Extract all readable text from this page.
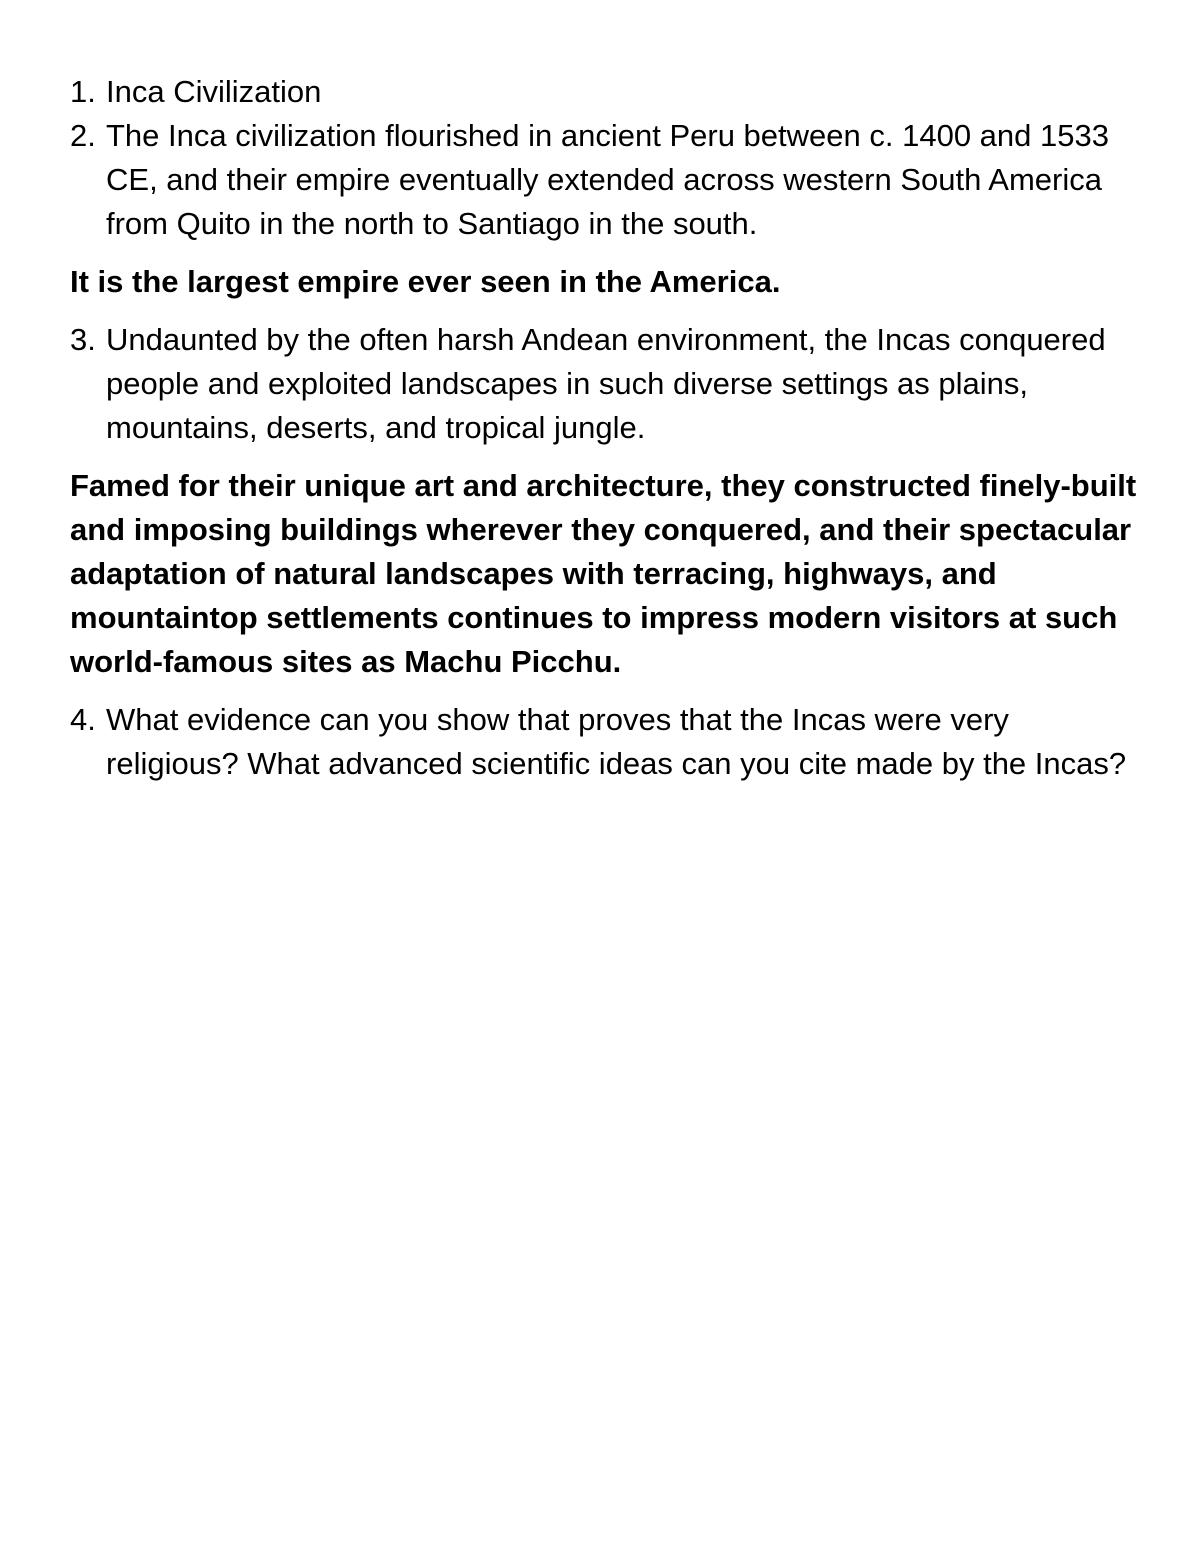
1. Inca Civilization
2. The Inca civilization flourished in ancient Peru between c. 1400 and 1533 CE, and their empire eventually extended across western South America from Quito in the north to Santiago in the south.

It is the largest empire ever seen in the America.

3. Undaunted by the often harsh Andean environment, the Incas conquered people and exploited landscapes in such diverse settings as plains, mountains, deserts, and tropical jungle.

Famed for their unique art and architecture, they constructed finely-built and imposing buildings wherever they conquered, and their spectacular adaptation of natural landscapes with terracing, highways, and mountaintop settlements continues to impress modern visitors at such world-famous sites as Machu Picchu.

4. What evidence can you show that proves that the Incas were very religious? What advanced scientific ideas can you cite made by the Incas?
